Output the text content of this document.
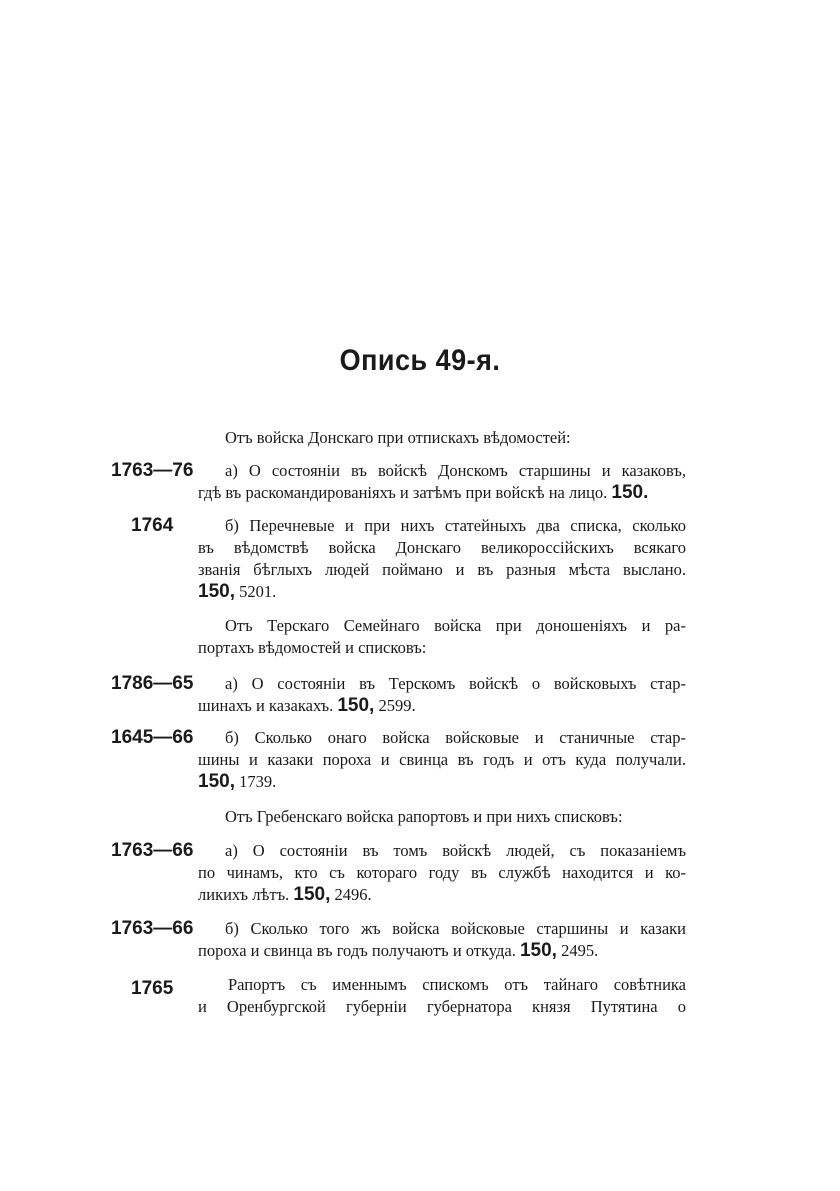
Опись 49-я.
Отъ войска Донскаго при отпискахъ вѣдомостей:
1763—76 а) О состояніи въ войскѣ Донскомъ старшины и казаковъ,
гдѣ въ раскомандированіяхъ и затѣмъ при войскѣ на лицо. 150.
1764	б) Перечневые и при нихъ статейныхъ два списка, сколько
въ вѣдомствѣ войска Донскаго великороссійскихъ всякаго
званія бѣглыхъ людей поймано и въ разныя мѣста выслано.
150, 5201.
Отъ Терскаго Семейнаго войска при доношеніяхъ и ра-
портахъ вѣдомостей и списковъ:
1786—65 а) О состояніи въ Терскомъ войскѣ о войсковыхъ стар-
шинахъ и казакахъ. 150, 2599.
1645—66 б) Сколько онаго войска войсковые и станичные стар-
шины и казаки пороха и свинца въ годъ и отъ куда получали.
150, 1739.
Отъ Гребенскаго войска рапортовъ и при нихъ списковъ:
1763—66 а) О состояніи въ томъ войскѣ людей, съ показаніемъ
по чинамъ, кто съ котораго году въ службѣ находится и ко-
ликихъ лѣтъ. 150, 2496.
1763—66 б) Сколько того жъ войска войсковые старшины и казаки
пороха и свинца въ годъ получаютъ и откуда. 150, 2495.
1765	Рапортъ съ именнымъ спискомъ отъ тайнаго совѣтника
и Оренбургской губерніи губернатора князя Путятина о
